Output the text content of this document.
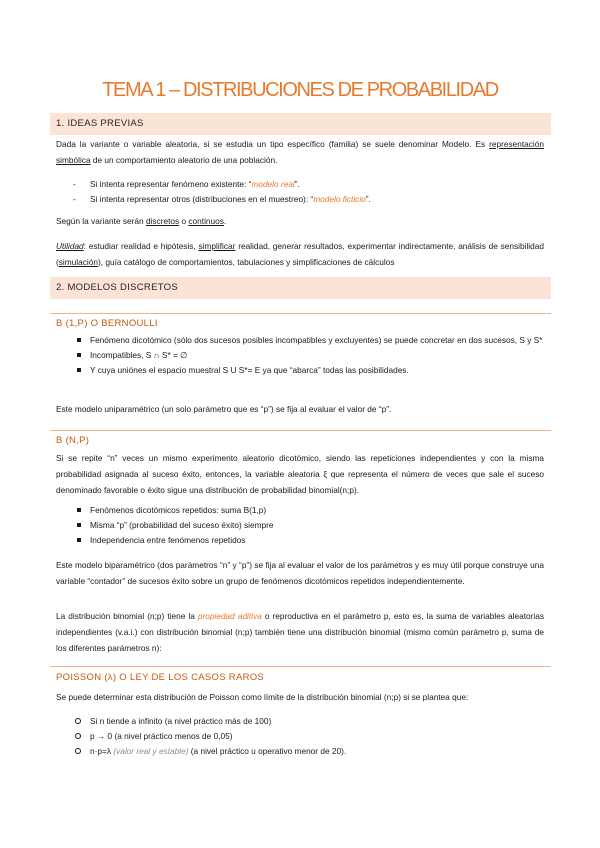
TEMA 1 – DISTRIBUCIONES DE PROBABILIDAD
1. IDEAS PREVIAS
Dada la variante o variable aleatoria, si se estudia un tipo específico (familia) se suele denominar Modelo. Es representación simbólica de un comportamiento aleatorio de una población.
- Si intenta representar fenómeno existente: “modelo real”.
- Si intenta representar otros (distribuciones en el muestreo): “modelo ficticio”.
Según la variante serán discretos o continuos.
Utilidad: estudiar realidad e hipótesis, simplificar realidad, generar resultados, experimentar indirectamente, análisis de sensibilidad (simulación), guía catálogo de comportamientos, tabulaciones y simplificaciones de cálculos
2. MODELOS DISCRETOS
B (1,P) O BERNOULLI
Fenómeno dicotómico (sólo dos sucesos posibles incompatibles y excluyentes) se puede concretar en dos sucesos, S y S*
Incompatibles, S ∩ S* = ∅
Y cuya uniónes el espacio muestral S U S*= E ya que “abarca” todas las posibilidades.
Este modelo uniparamétrico (un solo parámetro que es “p”) se fija al evaluar el valor de “p”.
B (N,P)
Si se repite “n” veces un mismo experimento aleatorio dicotómico, siendo las repeticiones independientes y con la misma probabilidad asignada al suceso éxito, entonces, la variable aleatoria ξ que representa el número de veces que sale el suceso denominado favorable o éxito sigue una distribución de probabilidad binomial(n;p).
Fenómenos dicotómicos repetidos: suma B(1,p)
Misma “p” (probabilidad del suceso éxito) siempre
Independencia entre fenómenos repetidos
Este modelo biparamétrico (dos parámetros “n” y “p”) se fija al evaluar el valor de los parámetros y es muy útil porque construye una variable “contador” de sucesos éxito sobre un grupo de fenómenos dicotómicos repetidos independientemente.
La distribución binomial (n;p) tiene la propiedad aditiva o reproductiva en el parámetro p, esto es, la suma de variables aleatorias independientes (v.a.i.) con distribución binomial (n;p) también tiene una distribución binomial (mismo común parámetro p, suma de los diferentes parámetros n):
POISSON (λ) O LEY DE LOS CASOS RAROS
Se puede determinar esta distribución de Poisson como límite de la distribución binomial (n;p) si se plantea que:
Si n tiende a infinito (a nivel práctico más de 100)
p → 0 (a nivel práctico menos de 0,05)
n·p=λ (valor real y estable) (a nivel práctico u operativo menor de 20).
